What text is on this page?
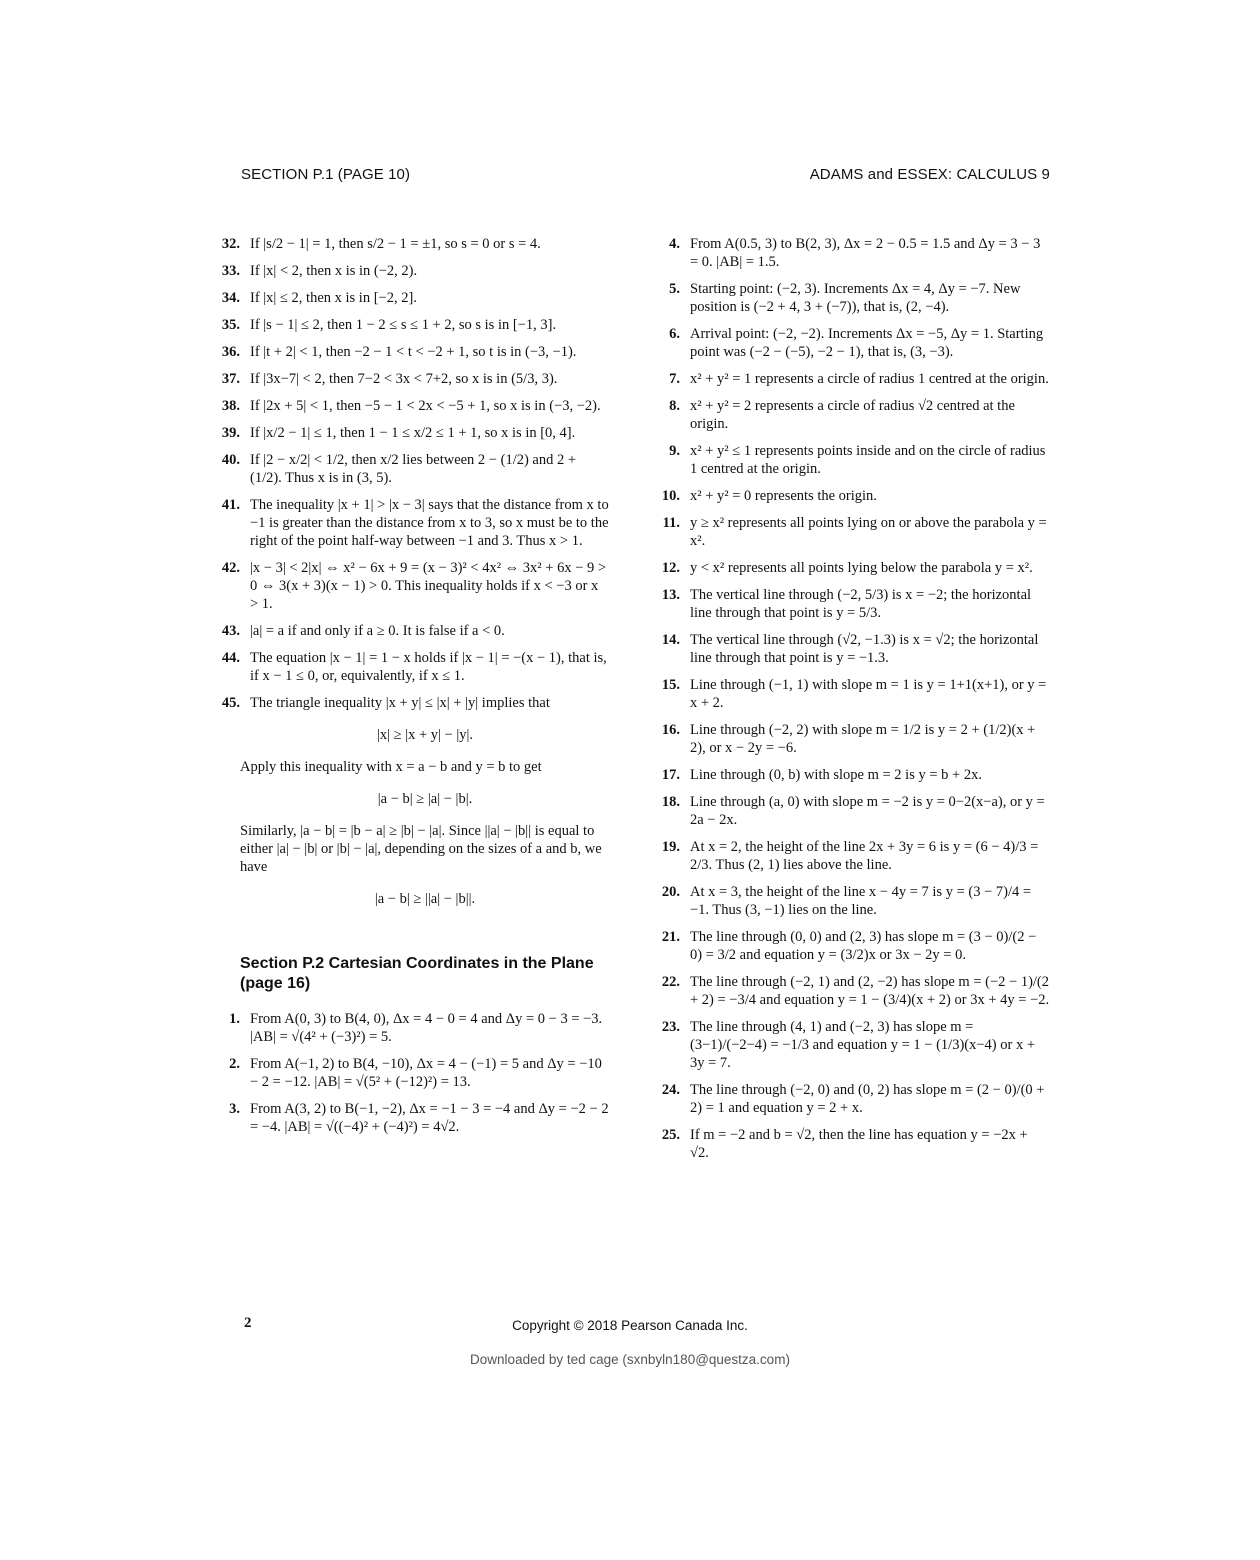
SECTION P.1 (PAGE 10)	ADAMS and ESSEX: CALCULUS 9
32. If |s/2 − 1| = 1, then s/2 − 1 = ±1, so s = 0 or s = 4.
33. If |x| < 2, then x is in (−2, 2).
34. If |x| ≤ 2, then x is in [−2, 2].
35. If |s − 1| ≤ 2, then 1 − 2 ≤ s ≤ 1 + 2, so s is in [−1, 3].
36. If |t + 2| < 1, then −2 − 1 < t < −2 + 1, so t is in (−3, −1).
37. If |3x−7| < 2, then 7−2 < 3x < 7+2, so x is in (5/3, 3).
38. If |2x + 5| < 1, then −5 − 1 < 2x < −5 + 1, so x is in (−3, −2).
39. If |x/2 − 1| ≤ 1, then 1 − 1 ≤ x/2 ≤ 1 + 1, so x is in [0, 4].
40. If |2 − x/2| < 1/2, then x/2 lies between 2 − (1/2) and 2 + (1/2). Thus x is in (3, 5).
41. The inequality |x + 1| > |x − 3| says that the distance from x to −1 is greater than the distance from x to 3, so x must be to the right of the point half-way between −1 and 3. Thus x > 1.
42. |x − 3| < 2|x| ⇔ x² − 6x + 9 = (x − 3)² < 4x² ⇔ 3x² + 6x − 9 > 0 ⇔ 3(x + 3)(x − 1) > 0. This inequality holds if x < −3 or x > 1.
43. |a| = a if and only if a ≥ 0. It is false if a < 0.
44. The equation |x − 1| = 1 − x holds if |x − 1| = −(x − 1), that is, if x − 1 ≤ 0, or, equivalently, if x ≤ 1.
45. The triangle inequality |x + y| ≤ |x| + |y| implies that
|x| ≥ |x + y| − |y|.
Apply this inequality with x = a − b and y = b to get
|a − b| ≥ |a| − |b|.
Similarly, |a − b| = |b − a| ≥ |b| − |a|. Since ||a| − |b|| is equal to either |a| − |b| or |b| − |a|, depending on the sizes of a and b, we have
|a − b| ≥ ||a| − |b||.
Section P.2 Cartesian Coordinates in the Plane (page 16)
1. From A(0, 3) to B(4, 0), Δx = 4 − 0 = 4 and Δy = 0 − 3 = −3. |AB| = √(4² + (−3)²) = 5.
2. From A(−1, 2) to B(4, −10), Δx = 4 − (−1) = 5 and Δy = −10 − 2 = −12. |AB| = √(5² + (−12)²) = 13.
3. From A(3, 2) to B(−1, −2), Δx = −1 − 3 = −4 and Δy = −2 − 2 = −4. |AB| = √((−4)² + (−4)²) = 4√2.
4. From A(0.5, 3) to B(2, 3), Δx = 2 − 0.5 = 1.5 and Δy = 3 − 3 = 0. |AB| = 1.5.
5. Starting point: (−2, 3). Increments Δx = 4, Δy = −7. New position is (−2 + 4, 3 + (−7)), that is, (2, −4).
6. Arrival point: (−2, −2). Increments Δx = −5, Δy = 1. Starting point was (−2 − (−5), −2 − 1), that is, (3, −3).
7. x² + y² = 1 represents a circle of radius 1 centred at the origin.
8. x² + y² = 2 represents a circle of radius √2 centred at the origin.
9. x² + y² ≤ 1 represents points inside and on the circle of radius 1 centred at the origin.
10. x² + y² = 0 represents the origin.
11. y ≥ x² represents all points lying on or above the parabola y = x².
12. y < x² represents all points lying below the parabola y = x².
13. The vertical line through (−2, 5/3) is x = −2; the horizontal line through that point is y = 5/3.
14. The vertical line through (√2, −1.3) is x = √2; the horizontal line through that point is y = −1.3.
15. Line through (−1, 1) with slope m = 1 is y = 1+1(x+1), or y = x + 2.
16. Line through (−2, 2) with slope m = 1/2 is y = 2 + (1/2)(x + 2), or x − 2y = −6.
17. Line through (0, b) with slope m = 2 is y = b + 2x.
18. Line through (a, 0) with slope m = −2 is y = 0−2(x−a), or y = 2a − 2x.
19. At x = 2, the height of the line 2x + 3y = 6 is y = (6 − 4)/3 = 2/3. Thus (2, 1) lies above the line.
20. At x = 3, the height of the line x − 4y = 7 is y = (3 − 7)/4 = −1. Thus (3, −1) lies on the line.
21. The line through (0, 0) and (2, 3) has slope m = (3 − 0)/(2 − 0) = 3/2 and equation y = (3/2)x or 3x − 2y = 0.
22. The line through (−2, 1) and (2, −2) has slope m = (−2 − 1)/(2 + 2) = −3/4 and equation y = 1 − (3/4)(x + 2) or 3x + 4y = −2.
23. The line through (4, 1) and (−2, 3) has slope m = (3−1)/(−2−4) = −1/3 and equation y = 1 − (1/3)(x−4) or x + 3y = 7.
24. The line through (−2, 0) and (0, 2) has slope m = (2 − 0)/(0 + 2) = 1 and equation y = 2 + x.
25. If m = −2 and b = √2, then the line has equation y = −2x + √2.
2	Copyright © 2018 Pearson Canada Inc.
Downloaded by ted cage (sxnbyln180@questza.com)
